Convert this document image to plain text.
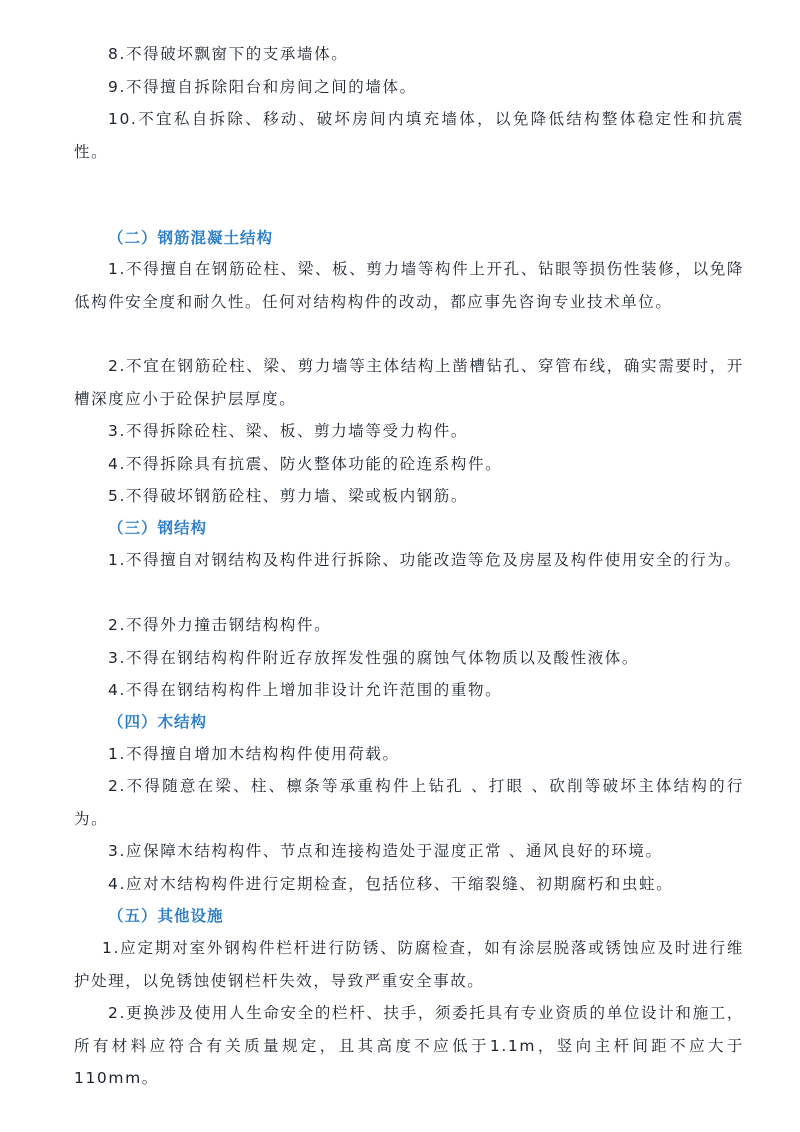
8.不得破坏飘窗下的支承墙体。

9.不得擅自拆除阳台和房间之间的墙体。

10.不宜私自拆除、移动、破坏房间内填充墙体，以免降低结构整体稳定性和抗震性。

（二）钢筋混凝土结构

1.不得擅自在钢筋砼柱、梁、板、剪力墙等构件上开孔、钻眼等损伤性装修，以免降低构件安全度和耐久性。任何对结构构件的改动，都应事先咨询专业技术单位。

2.不宜在钢筋砼柱、梁、剪力墙等主体结构上凿槽钻孔、穿管布线，确实需要时，开槽深度应小于砼保护层厚度。

3.不得拆除砼柱、梁、板、剪力墙等受力构件。

4.不得拆除具有抗震、防火整体功能的砼连系构件。

5.不得破坏钢筋砼柱、剪力墙、梁或板内钢筋。

（三）钢结构

1.不得擅自对钢结构及构件进行拆除、功能改造等危及房屋及构件使用安全的行为。

2.不得外力撞击钢结构构件。

3.不得在钢结构构件附近存放挥发性强的腐蚀气体物质以及酸性液体。

4.不得在钢结构构件上增加非设计允许范围的重物。

（四）木结构

1.不得擅自增加木结构构件使用荷载。

2.不得随意在梁、柱、檩条等承重构件上钻孔 、打眼 、砍削等破坏主体结构的行为。

3.应保障木结构构件、节点和连接构造处于湿度正常 、通风良好的环境。

4.应对木结构构件进行定期检查，包括位移、干缩裂缝、初期腐朽和虫蛀。

（五）其他设施

1.应定期对室外钢构件栏杆进行防锈、防腐检查，如有涂层脱落或锈蚀应及时进行维护处理，以免锈蚀使钢栏杆失效，导致严重安全事故。

2.更换涉及使用人生命安全的栏杆、扶手，须委托具有专业资质的单位设计和施工，所有材料应符合有关质量规定，且其高度不应低于1.1m，竖向主杆间距不应大于110mm。
